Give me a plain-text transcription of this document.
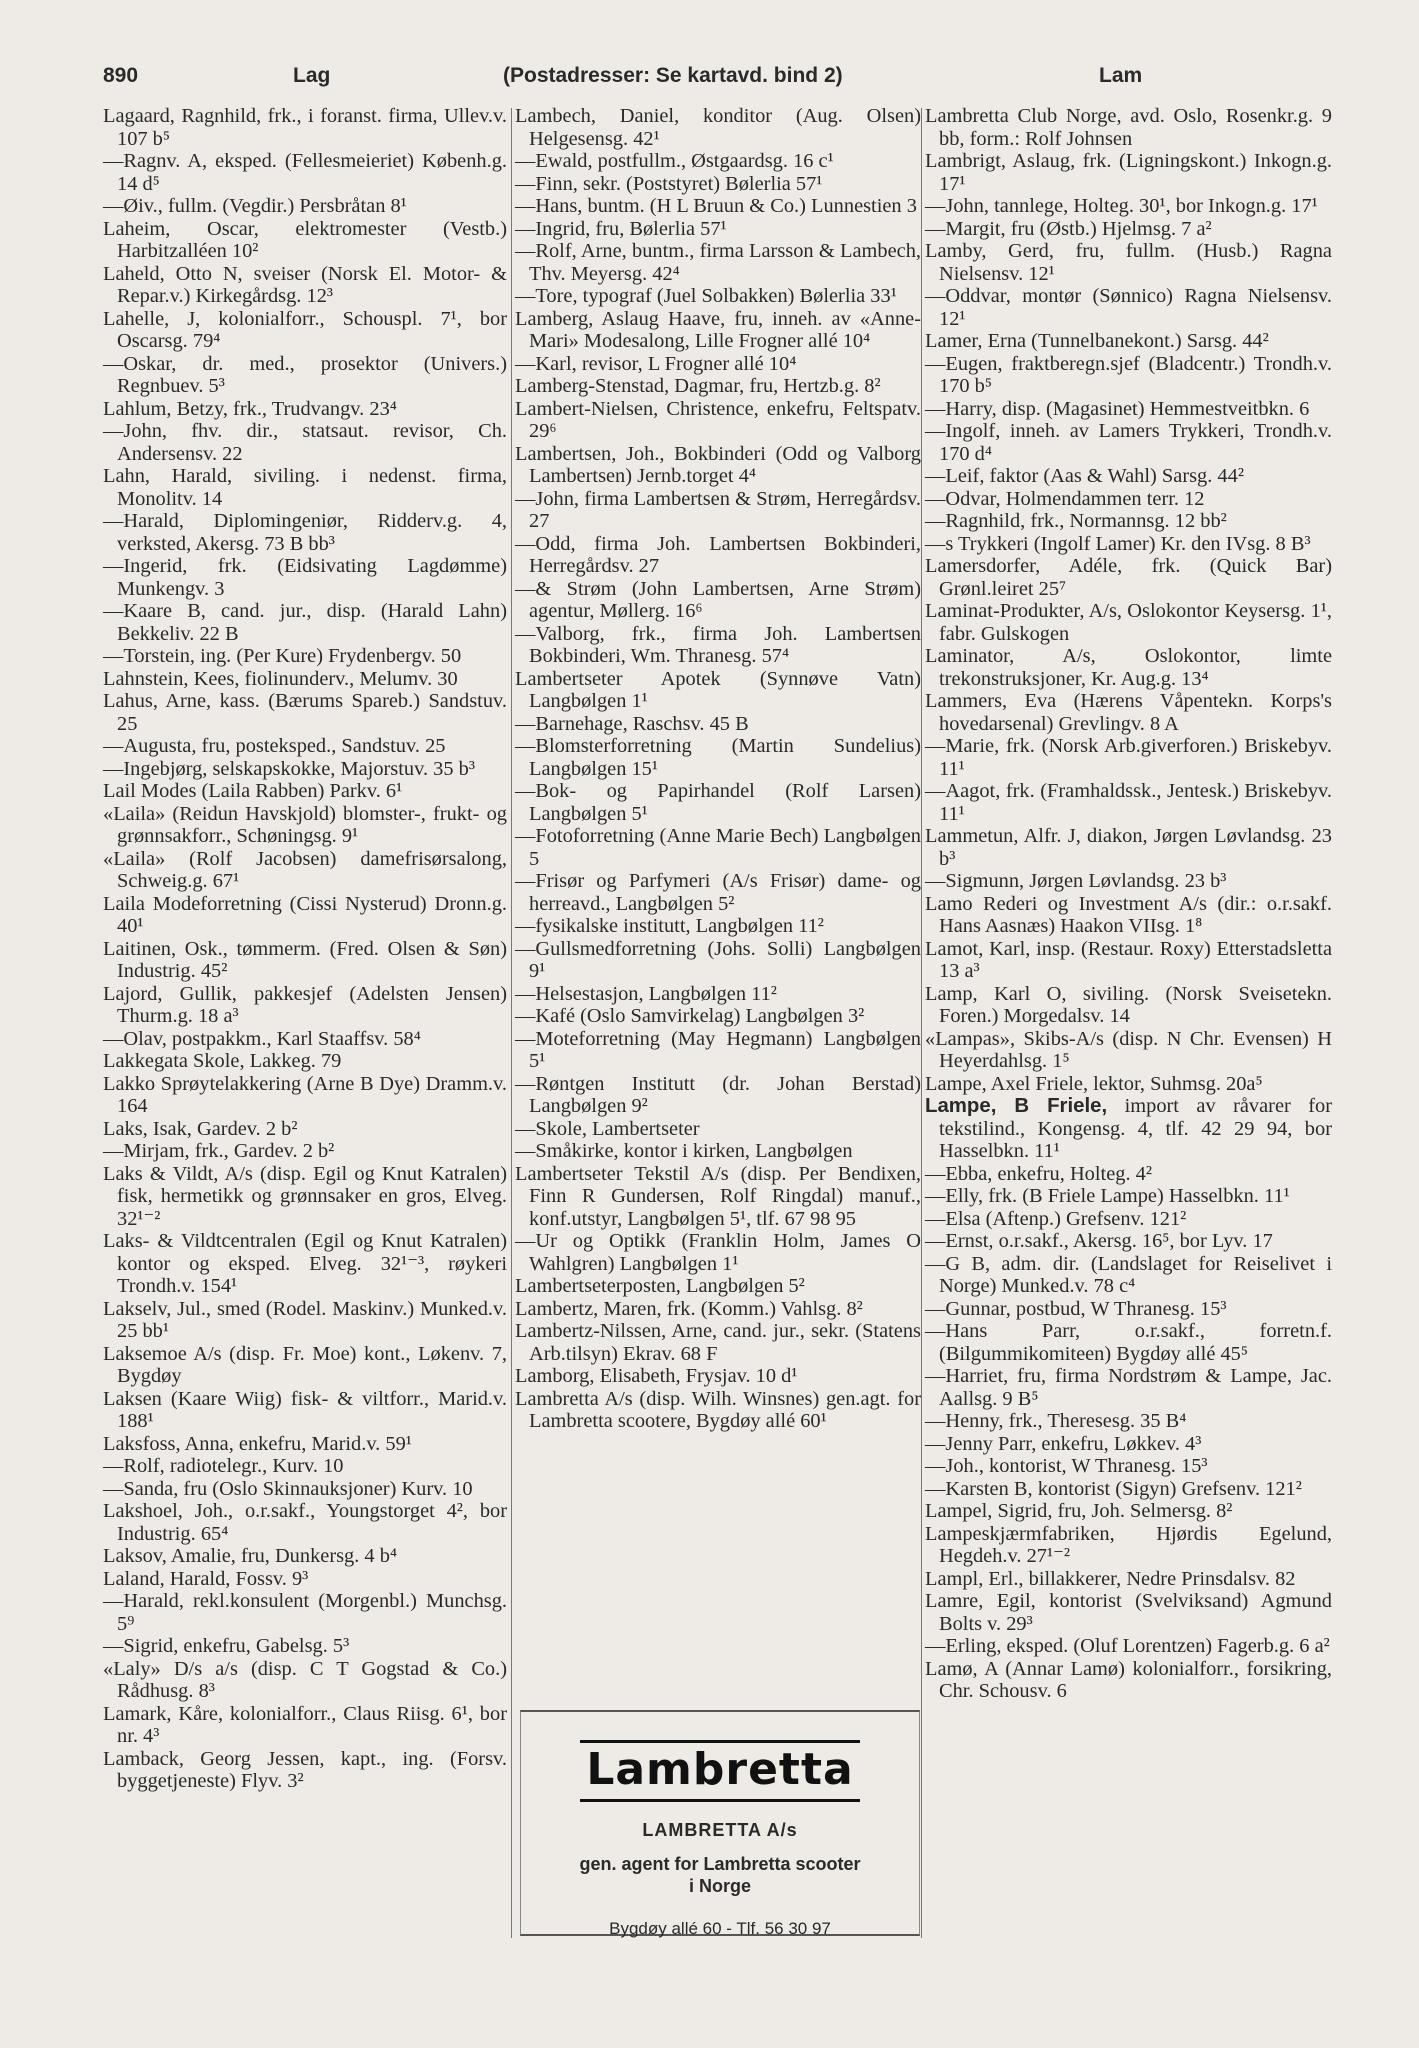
890	Lag	(Postadresser: Se kartavd. bind 2)	Lam

Lagaard, Ragnhild, frk., i foranst. firma, Ullev.v. 107 b⁵

—Ragnv. A, eksped. (Fellesmeieriet) Københ.g. 14 d⁵

—Øiv., fullm. (Vegdir.) Persbråtan 8¹

Laheim, Oscar, elektromester (Vestb.) Harbitzalléen 10²

Laheld, Otto N, sveiser (Norsk El. Motor- & Repar.v.) Kirkegårdsg. 12³

Lahelle, J, kolonialforr., Schouspl. 7¹, bor Oscarsg. 79⁴

—Oskar, dr. med., prosektor (Univers.) Regnbuev. 5³

Lahlum, Betzy, frk., Trudvangv. 23⁴

—John, fhv. dir., statsaut. revisor, Ch. Andersensv. 22

Lahn, Harald, siviling. i nedenst. firma, Monolitv. 14

—Harald, Diplomingeniør, Ridderv.g. 4, verksted, Akersg. 73 B bb³

—Ingerid, frk. (Eidsivating Lagdømme) Munkengv. 3

—Kaare B, cand. jur., disp. (Harald Lahn) Bekkeliv. 22 B

—Torstein, ing. (Per Kure) Frydenbergv. 50

Lahnstein, Kees, fiolinunderv., Melumv. 30

Lahus, Arne, kass. (Bærums Spareb.) Sandstuv. 25

—Augusta, fru, posteksped., Sandstuv. 25

—Ingebjørg, selskapskokke, Majorstuv. 35 b³

Lail Modes (Laila Rabben) Parkv. 6¹

«Laila» (Reidun Havskjold) blomster-, frukt- og grønnsakforr., Schøningsg. 9¹

«Laila» (Rolf Jacobsen) damefrisørsalong, Schweig.g. 67¹

Laila Modeforretning (Cissi Nysterud) Dronn.g. 40¹

Laitinen, Osk., tømmerm. (Fred. Olsen & Søn) Industrig. 45²

Lajord, Gullik, pakkesjef (Adelsten Jensen) Thurm.g. 18 a³

—Olav, postpakkm., Karl Staaffsv. 58⁴

Lakkegata Skole, Lakkeg. 79

Lakko Sprøytelakkering (Arne B Dye) Dramm.v. 164

Laks, Isak, Gardev. 2 b²

—Mirjam, frk., Gardev. 2 b²

Laks & Vildt, A/s (disp. Egil og Knut Katralen) fisk, hermetikk og grønnsaker en gros, Elveg. 32¹⁻²

Laks- & Vildtcentralen (Egil og Knut Katralen) kontor og eksped. Elveg. 32¹⁻³, røykeri Trondh.v. 154¹

Lakselv, Jul., smed (Rodel. Maskinv.) Munked.v. 25 bb¹

Laksemoe A/s (disp. Fr. Moe) kont., Løkenv. 7, Bygdøy

Laksen (Kaare Wiig) fisk- & viltforr., Marid.v. 188¹

Laksfoss, Anna, enkefru, Marid.v. 59¹

—Rolf, radiotelegr., Kurv. 10

—Sanda, fru (Oslo Skinnauksjoner) Kurv. 10

Lakshoel, Joh., o.r.sakf., Youngstorget 4², bor Industrig. 65⁴

Laksov, Amalie, fru, Dunkersg. 4 b⁴

Laland, Harald, Fossv. 9³

—Harald, rekl.konsulent (Morgenbl.) Munchsg. 5⁹

—Sigrid, enkefru, Gabelsg. 5³

«Laly» D/s a/s (disp. C T Gogstad & Co.) Rådhusg. 8³

Lamark, Kåre, kolonialforr., Claus Riisg. 6¹, bor nr. 4³

Lamback, Georg Jessen, kapt., ing. (Forsv. byggetjeneste) Flyv. 3²

Lambech, Daniel, konditor (Aug. Olsen) Helgesensg. 42¹

—Ewald, postfullm., Østgaardsg. 16 c¹

—Finn, sekr. (Poststyret) Bølerlia 57¹

—Hans, buntm. (H L Bruun & Co.) Lunnestien 3

—Ingrid, fru, Bølerlia 57¹

—Rolf, Arne, buntm., firma Larsson & Lambech, Thv. Meyersg. 42⁴

—Tore, typograf (Juel Solbakken) Bølerlia 33¹

Lamberg, Aslaug Haave, fru, inneh. av «Anne-Mari» Modesalong, Lille Frogner allé 10⁴

—Karl, revisor, L Frogner allé 10⁴

Lamberg-Stenstad, Dagmar, fru, Hertzb.g. 8²

Lambert-Nielsen, Christence, enkefru, Feltspatv. 29⁶

Lambertsen, Joh., Bokbinderi (Odd og Valborg Lambertsen) Jernb.torget 4⁴

—John, firma Lambertsen & Strøm, Herregårdsv. 27

—Odd, firma Joh. Lambertsen Bokbinderi, Herregårdsv. 27

—& Strøm (John Lambertsen, Arne Strøm) agentur, Møllerg. 16⁶

—Valborg, frk., firma Joh. Lambertsen Bokbinderi, Wm. Thranesg. 57⁴

Lambertseter Apotek (Synnøve Vatn) Langbølgen 1¹

—Barnehage, Raschsv. 45 B

—Blomsterforretning (Martin Sundelius) Langbølgen 15¹

—Bok- og Papirhandel (Rolf Larsen) Langbølgen 5¹

—Fotoforretning (Anne Marie Bech) Langbølgen 5

—Frisør og Parfymeri (A/s Frisør) dame- og herreavd., Langbølgen 5²

—fysikalske institutt, Langbølgen 11²

—Gullsmedforretning (Johs. Solli) Langbølgen 9¹

—Helsestasjon, Langbølgen 11²

—Kafé (Oslo Samvirkelag) Langbølgen 3²

—Moteforretning (May Hegmann) Langbølgen 5¹

—Røntgen Institutt (dr. Johan Berstad) Langbølgen 9²

—Skole, Lambertseter

—Småkirke, kontor i kirken, Langbølgen

Lambertseter Tekstil A/s (disp. Per Bendixen, Finn R Gundersen, Rolf Ringdal) manuf., konf.utstyr, Langbølgen 5¹, tlf. 67 98 95

—Ur og Optikk (Franklin Holm, James O Wahlgren) Langbølgen 1¹

Lambertseterposten, Langbølgen 5²

Lambertz, Maren, frk. (Komm.) Vahlsg. 8²

Lambertz-Nilssen, Arne, cand. jur., sekr. (Statens Arb.tilsyn) Ekrav. 68 F

Lamborg, Elisabeth, Frysjav. 10 d¹

Lambretta A/s (disp. Wilh. Winsnes) gen.agt. for Lambretta scootere, Bygdøy allé 60¹

Lambretta Club Norge, avd. Oslo, Rosenkr.g. 9 bb, form.: Rolf Johnsen

Lambrigt, Aslaug, frk. (Ligningskont.) Inkogn.g. 17¹

—John, tannlege, Holteg. 30¹, bor Inkogn.g. 17¹

—Margit, fru (Østb.) Hjelmsg. 7 a²

Lamby, Gerd, fru, fullm. (Husb.) Ragna Nielsensv. 12¹

—Oddvar, montør (Sønnico) Ragna Nielsensv. 12¹

Lamer, Erna (Tunnelbanekont.) Sarsg. 44²

—Eugen, fraktberegn.sjef (Bladcentr.) Trondh.v. 170 b⁵

—Harry, disp. (Magasinet) Hemmestveitbkn. 6

—Ingolf, inneh. av Lamers Trykkeri, Trondh.v. 170 d⁴

—Leif, faktor (Aas & Wahl) Sarsg. 44²

—Odvar, Holmendammen terr. 12

—Ragnhild, frk., Normannsg. 12 bb²

—s Trykkeri (Ingolf Lamer) Kr. den IVsg. 8 B³

Lamersdorfer, Adéle, frk. (Quick Bar) Grønl.leiret 25⁷

Laminat-Produkter, A/s, Oslokontor Keysersg. 1¹, fabr. Gulskogen

Laminator, A/s, Oslokontor, limte trekonstruksjoner, Kr. Aug.g. 13⁴

Lammers, Eva (Hærens Våpentekn. Korps's hovedarsenal) Grevlingv. 8 A

—Marie, frk. (Norsk Arb.giverforen.) Briskebyv. 11¹

—Aagot, frk. (Framhaldssk., Jentesk.) Briskebyv. 11¹

Lammetun, Alfr. J, diakon, Jørgen Løvlandsg. 23 b³

—Sigmunn, Jørgen Løvlandsg. 23 b³

Lamo Rederi og Investment A/s (dir.: o.r.sakf. Hans Aasnæs) Haakon VIIsg. 1⁸

Lamot, Karl, insp. (Restaur. Roxy) Etterstadsletta 13 a³

Lamp, Karl O, siviling. (Norsk Sveisetekn. Foren.) Morgedalsv. 14

«Lampas», Skibs-A/s (disp. N Chr. Evensen) H Heyerdahlsg. 1⁵

Lampe, Axel Friele, lektor, Suhmsg. 20a⁵

Lampe, B Friele, import av råvarer for tekstilind., Kongensg. 4, tlf. 42 29 94, bor Hasselbkn. 11¹

—Ebba, enkefru, Holteg. 4²

—Elly, frk. (B Friele Lampe) Hasselbkn. 11¹

—Elsa (Aftenp.) Grefsenv. 121²

—Ernst, o.r.sakf., Akersg. 16⁵, bor Lyv. 17

—G B, adm. dir. (Landslaget for Reiselivet i Norge) Munked.v. 78 c⁴

—Gunnar, postbud, W Thranesg. 15³

—Hans Parr, o.r.sakf., forretn.f. (Bilgummikomiteen) Bygdøy allé 45⁵

—Harriet, fru, firma Nordstrøm & Lampe, Jac. Aallsg. 9 B⁵

—Henny, frk., Theresesg. 35 B⁴

—Jenny Parr, enkefru, Løkkev. 4³

—Joh., kontorist, W Thranesg. 15³

—Karsten B, kontorist (Sigyn) Grefsenv. 121²

Lampel, Sigrid, fru, Joh. Selmersg. 8²

Lampeskjærmfabriken, Hjørdis Egelund, Hegdeh.v. 27¹⁻²

Lampl, Erl., billakkerer, Nedre Prinsdalsv. 82

Lamre, Egil, kontorist (Svelviksand) Agmund Bolts v. 29³

—Erling, eksped. (Oluf Lorentzen) Fagerb.g. 6 a²

Lamø, A (Annar Lamø) kolonialforr., forsikring, Chr. Schousv. 6

Lambretta
LAMBRETTA A/s
gen. agent for Lambretta scooter
i Norge
Bygdøy allé 60 - Tlf. 56 30 97
